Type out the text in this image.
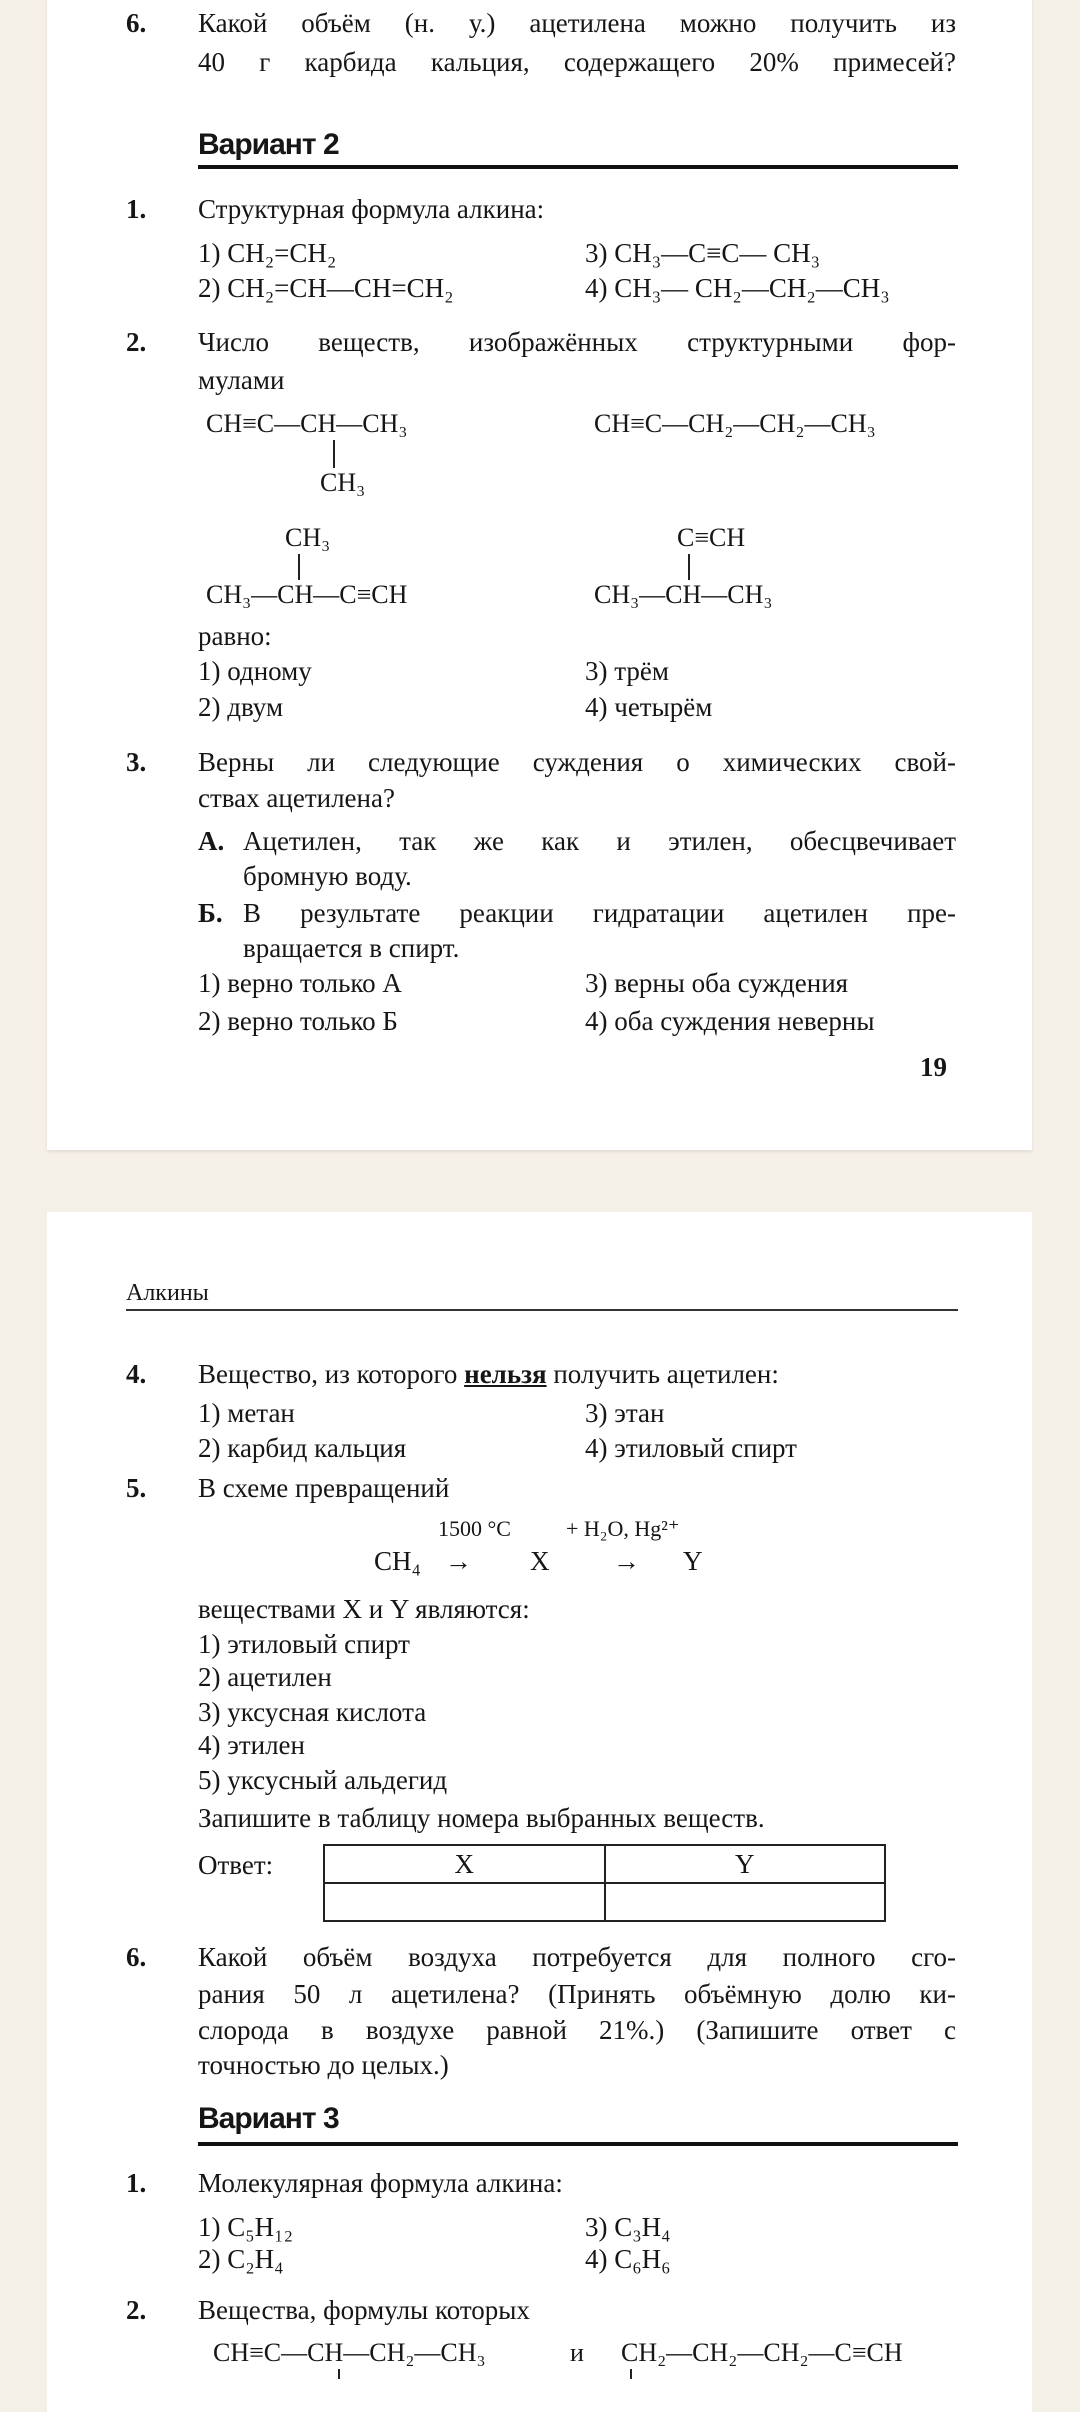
6. Какой объём (н. у.) ацетилена можно получить из
40 г карбида кальция, содержащего 20% примесей?
Вариант 2
1. Структурная формула алкина:
1) CH₂=CH₂	3) CH₃—C≡C— CH₃
2) CH₂=CH—CH=CH₂	4) CH₃— CH₂—CH₂—CH₃
2. Число веществ, изображённых структурными фор-
мулами
CH≡C—CH—CH₃
CH₃
CH≡C—CH₂—CH₂—CH₃
CH₃
CH₃—CH—C≡CH
C≡CH
CH₃—CH—CH₃
равно:
1) одному	3) трём
2) двум	4) четырём
3. Верны ли следующие суждения о химических свой-
ствах ацетилена?
А. Ацетилен, так же как и этилен, обесцвечивает
бромную воду.
Б. В результате реакции гидратации ацетилен пре-
вращается в спирт.
1) верно только А	3) верны оба суждения
2) верно только Б	4) оба суждения неверны
19
Алкины
4. Вещество, из которого нельзя получить ацетилен:
1) метан	3) этан
2) карбид кальция	4) этиловый спирт
5. В схеме превращений
1500 °C	+ H₂O, Hg²⁺
CH₄ → X → Y
веществами X и Y являются:
1) этиловый спирт
2) ацетилен
3) уксусная кислота
4) этилен
5) уксусный альдегид
Запишите в таблицу номера выбранных веществ.
Ответ:	X	Y

6. Какой объём воздуха потребуется для полного сго-
рания 50 л ацетилена? (Принять объёмную долю ки-
слорода в воздухе равной 21%.) (Запишите ответ с
точностью до целых.)
Вариант 3
1. Молекулярная формула алкина:
1) C₅H₁₂	3) C₃H₄
2) C₂H₄	4) C₆H₆
2. Вещества, формулы которых
CH≡C—CH—CH₂—CH₃	и CH₂—CH₂—CH₂—C≡CH
